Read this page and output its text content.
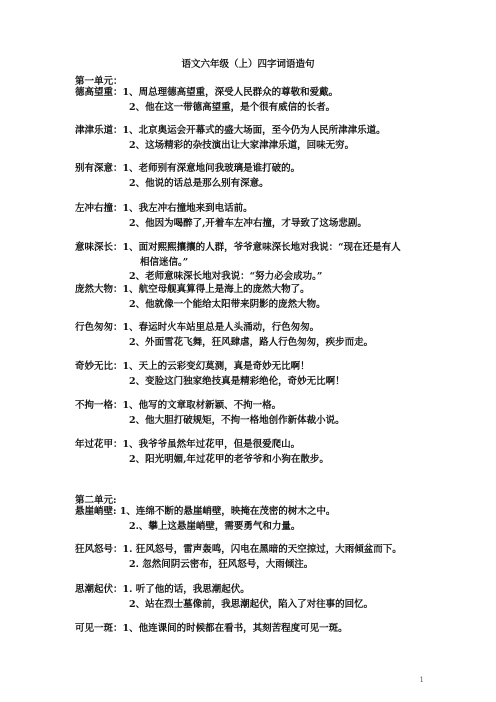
语文六年级（上）四字词语造句
第一单元：
德高望重：1、周总理德高望重，深受人民群众的尊敬和爱戴。
2、他在这一带德高望重，是个很有威信的长者。
津津乐道：1、北京奥运会开幕式的盛大场面，至今仍为人民所津津乐道。
2、这场精彩的杂技演出让大家津津乐道，回味无穷。
别有深意：1、老师别有深意地问我玻璃是谁打破的。
2、他说的话总是那么别有深意。
左冲右撞：1、我左冲右撞地来到电话前。
2、他因为喝醉了,开着车左冲右撞，才导致了这场悲剧。
意味深长：1、面对熙熙攘攘的人群，爷爷意味深长地对我说：“现在还是有人
相信迷信。”
2、老师意味深长地对我说：“努力必会成功。”
庞然大物：1、航空母舰真算得上是海上的庞然大物了。
2、他就像一个能给太阳带来阴影的庞然大物。
行色匆匆：1、春运时火车站里总是人头涌动，行色匆匆。
2、外面雪花飞舞，狂风肆虐，路人行色匆匆，疾步而走。
奇妙无比：1、天上的云彩变幻莫测，真是奇妙无比啊！
2、变脸这门独家绝技真是精彩绝伦，奇妙无比啊！
不拘一格：1、他写的文章取材新颖、不拘一格。
2、他大胆打破规矩，不拘一格地创作新体裁小说。
年过花甲：1、我爷爷虽然年过花甲，但是很爱爬山。
2、阳光明媚,年过花甲的老爷爷和小狗在散步。
第二单元:
悬崖峭壁: 1、连绵不断的悬崖峭壁，映掩在茂密的树木之中。
2.、攀上这悬崖峭壁，需要勇气和力量。
狂风怒号：1. 狂风怒号，雷声轰鸣，闪电在黑暗的天空掠过，大雨倾盆而下。
2. 忽然间阴云密布，狂风怒号，大雨倾注。
思潮起伏：1. 听了他的话，我思潮起伏。
2、站在烈士墓像前，我思潮起伏，陷入了对往事的回忆。
可见一斑：1、他连课间的时候都在看书，其刻苦程度可见一斑。
1
